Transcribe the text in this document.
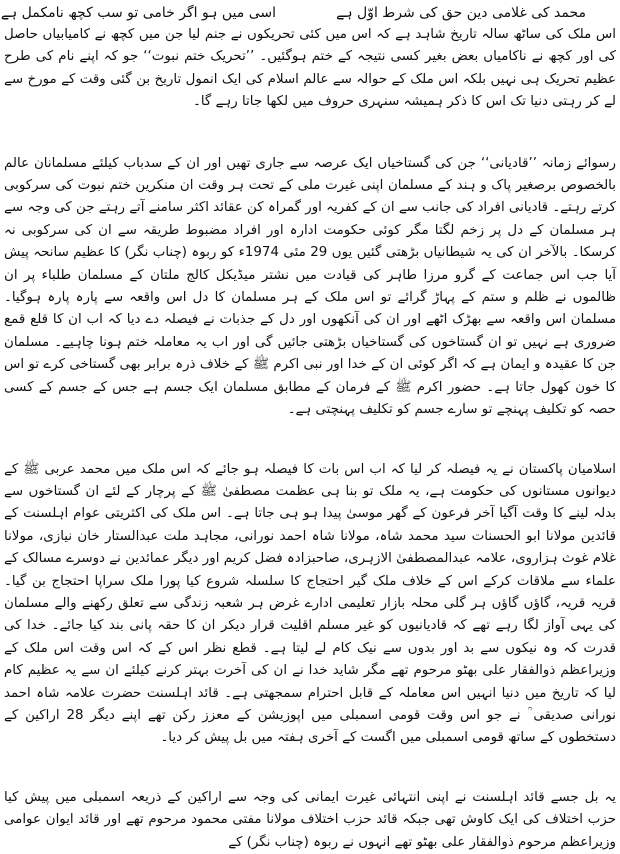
محمد کی غلامی دین حق کی شرط اوّل ہے
اسی میں ہو اگر خامی تو سب کچھ نامکمل ہے

اس ملک کی ساٹھ سالہ تاریخ شاہد ہے کہ اس میں کئی تحریکوں نے جنم لیا جن میں کچھ نے کامیابیاں حاصل کی اور کچھ نے ناکامیاں بعض بغیر کسی نتیجہ کے ختم ہوگئیں۔ ’’تحریک ختم نبوت‘‘ جو کہ اپنے نام کی طرح عظیم تحریک ہی نہیں بلکہ اس ملک کے حوالہ سے عالم اسلام کی ایک انمول تاریخ بن گئی وقت کے مورخ سے لے کر رہتی دنیا تک اس کا ذکر ہمیشہ سنہری حروف میں لکھا جاتا رہے گا۔

رسوائے زمانہ ’’قادیانی‘‘ جن کی گستاخیاں ایک عرصہ سے جاری تھیں اور ان کے سدباب کیلئے مسلمانان عالم بالخصوص برصغیر پاک و ہند کے مسلمان اپنی غیرت ملی کے تحت ہر وقت ان منکرین ختم نبوت کی سرکوبی کرتے رہتے۔ قادیانی افراد کی جانب سے ان کے کفریہ اور گمراہ کن عقائد اکثر سامنے آتے رہتے جن کی وجہ سے ہر مسلمان کے دل پر زخم لگتا مگر کوئی حکومت ادارہ اور افراد مضبوط طریقہ سے ان کی سرکوبی نہ کرسکا۔ بالآخر ان کی یہ شیطانیاں بڑھتی گئیں یوں 29 مئی 1974ء کو ربوہ (چناب نگر) کا عظیم سانحہ پیش آیا جب اس جماعت کے گرو مرزا طاہر کی قیادت میں نشتر میڈیکل کالج ملتان کے مسلمان طلباء پر ان ظالموں نے ظلم و ستم کے پہاڑ گرائے تو اس ملک کے ہر مسلمان کا دل اس واقعہ سے پارہ پارہ ہوگیا۔ مسلمان اس واقعہ سے بھڑک اٹھے اور ان کی آنکھوں اور دل کے جذبات نے فیصلہ دے دیا کہ اب ان کا قلع قمع ضروری ہے نہیں تو ان گستاخوں کی گستاخیاں بڑھتی جائیں گی اور اب یہ معاملہ ختم ہونا چاہیے۔ مسلمان جن کا عقیدہ و ایمان ہے کہ اگر کوئی ان کے خدا اور نبی اکرم ﷺ کے خلاف ذرہ برابر بھی گستاخی کرے تو اس کا خون کھول جاتا ہے۔ حضور اکرم ﷺ کے فرمان کے مطابق مسلمان ایک جسم ہے جس کے جسم کے کسی حصہ کو تکلیف پہنچے تو سارے جسم کو تکلیف پہنچتی ہے۔

اسلامیان پاکستان نے یہ فیصلہ کر لیا کہ اب اس بات کا فیصلہ ہو جائے کہ اس ملک میں محمد عربی ﷺ کے دیوانوں مستانوں کی حکومت ہے، یہ ملک تو بنا ہی عظمت مصطفیٰ ﷺ کے پرچار کے لئے ان گستاخوں سے بدلہ لینے کا وقت آگیا آخر فرعون کے گھر موسیٰ پیدا ہو ہی جاتا ہے۔ اس ملک کی اکثریتی عوام اہلسنت کے قائدین مولانا ابو الحسنات سید محمد شاہ، مولانا شاہ احمد نورانی، مجاہد ملت عبدالستار خان نیازی، مولانا غلام غوث ہزاروی، علامہ عبدالمصطفیٰ الازہری، صاحبزادہ فضل کریم اور دیگر عمائدین نے دوسرے مسالک کے علماء سے ملاقات کرکے اس کے خلاف ملک گیر احتجاج کا سلسلہ شروع کیا پورا ملک سراپا احتجاج بن گیا۔ قریہ قریہ، گاؤں گاؤں ہر گلی محلہ بازار تعلیمی ادارے غرض ہر شعبہ زندگی سے تعلق رکھنے والے مسلمان کی یہی آواز لگا رہے تھے کہ قادیانیوں کو غیر مسلم اقلیت قرار دیکر ان کا حقہ پانی بند کیا جائے۔ خدا کی قدرت کہ وہ نیکوں سے بد اور بدوں سے نیک کام لے لیتا ہے۔ قطع نظر اس کے کہ اس وقت اس ملک کے وزیراعظم ذوالفقار علی بھٹو مرحوم تھے مگر شاید خدا نے ان کی آخرت بہتر کرنے کیلئے ان سے یہ عظیم کام لیا کہ تاریخ میں دنیا انہیں اس معاملہ کے قابل احترام سمجھتی ہے۔ قائد اہلسنت حضرت علامہ شاہ احمد نورانی صدیقی ؒ نے جو اس وقت قومی اسمبلی میں اپوزیشن کے معزز رکن تھے اپنے دیگر 28 اراکین کے دستخطوں کے ساتھ قومی اسمبلی میں اگست کے آخری ہفتہ میں بل پیش کر دیا۔

یہ بل جسے قائد اہلسنت نے اپنی انتہائی غیرت ایمانی کی وجہ سے اراکین کے ذریعہ اسمبلی میں پیش کیا حزب اختلاف کی ایک کاوش تھی جبکہ قائد حزب اختلاف مولانا مفتی محمود مرحوم تھے اور قائد ایوان عوامی وزیراعظم مرحوم ذوالفقار علی بھٹو تھے انہوں نے ربوہ (چناب نگر) کے
